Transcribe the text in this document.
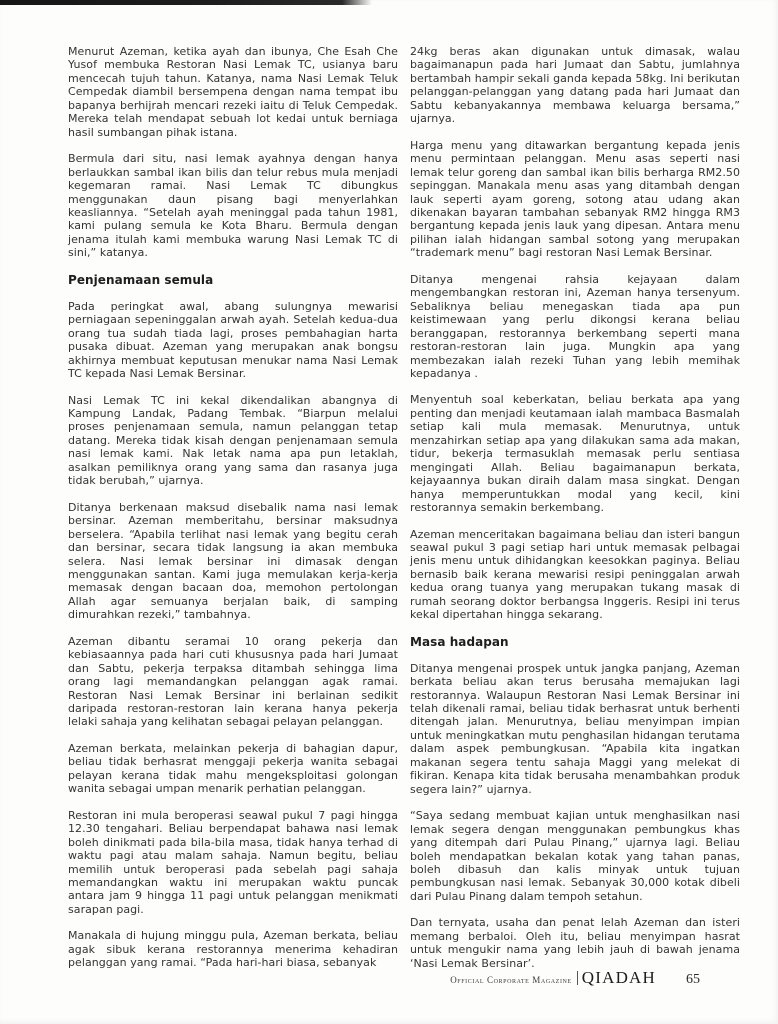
Menurut Azeman, ketika ayah dan ibunya, Che Esah Che Yusof membuka Restoran Nasi Lemak TC, usianya baru mencecah tujuh tahun. Katanya, nama Nasi Lemak Teluk Cempedak diambil bersempena dengan nama tempat ibu bapanya berhijrah mencari rezeki iaitu di Teluk Cempedak. Mereka telah mendapat sebuah lot kedai untuk berniaga hasil sumbangan pihak istana.

Bermula dari situ, nasi lemak ayahnya dengan hanya berlaukkan sambal ikan bilis dan telur rebus mula menjadi kegemaran ramai. Nasi Lemak TC dibungkus menggunakan daun pisang bagi menyerlahkan keasliannya. “Setelah ayah meninggal pada tahun 1981, kami pulang semula ke Kota Bharu. Bermula dengan jenama itulah kami membuka warung Nasi Lemak TC di sini,” katanya.

Penjenamaan semula

Pada peringkat awal, abang sulungnya mewarisi perniagaan sepeninggalan arwah ayah. Setelah kedua-dua orang tua sudah tiada lagi, proses pembahagian harta pusaka dibuat. Azeman yang merupakan anak bongsu akhirnya membuat keputusan menukar nama Nasi Lemak TC kepada Nasi Lemak Bersinar.

Nasi Lemak TC ini kekal dikendalikan abangnya di Kampung Landak, Padang Tembak. “Biarpun melalui proses penjenamaan semula, namun pelanggan tetap datang. Mereka tidak kisah dengan penjenamaan semula nasi lemak kami. Nak letak nama apa pun letaklah, asalkan pemiliknya orang yang sama dan rasanya juga tidak berubah,” ujarnya.

Ditanya berkenaan maksud disebalik nama nasi lemak bersinar. Azeman memberitahu, bersinar maksudnya berselera. “Apabila terlihat nasi lemak yang begitu cerah dan bersinar, secara tidak langsung ia akan membuka selera. Nasi lemak bersinar ini dimasak dengan menggunakan santan. Kami juga memulakan kerja-kerja memasak dengan bacaan doa, memohon pertolongan Allah agar semuanya berjalan baik, di samping dimurahkan rezeki,” tambahnya.

Azeman dibantu seramai 10 orang pekerja dan kebiasaannya pada hari cuti khususnya pada hari Jumaat dan Sabtu, pekerja terpaksa ditambah sehingga lima orang lagi memandangkan pelanggan agak ramai. Restoran Nasi Lemak Bersinar ini berlainan sedikit daripada restoran-restoran lain kerana hanya pekerja lelaki sahaja yang kelihatan sebagai pelayan pelanggan.

Azeman berkata, melainkan pekerja di bahagian dapur, beliau tidak berhasrat menggaji pekerja wanita sebagai pelayan kerana tidak mahu mengeksploitasi golongan wanita sebagai umpan menarik perhatian pelanggan.

Restoran ini mula beroperasi seawal pukul 7 pagi hingga 12.30 tengahari. Beliau berpendapat bahawa nasi lemak boleh dinikmati pada bila-bila masa, tidak hanya terhad di waktu pagi atau malam sahaja. Namun begitu, beliau memilih untuk beroperasi pada sebelah pagi sahaja memandangkan waktu ini merupakan waktu puncak antara jam 9 hingga 11 pagi untuk pelanggan menikmati sarapan pagi.

Manakala di hujung minggu pula, Azeman berkata, beliau agak sibuk kerana restorannya menerima kehadiran pelanggan yang ramai. “Pada hari-hari biasa, sebanyak

24kg beras akan digunakan untuk dimasak, walau bagaimanapun pada hari Jumaat dan Sabtu, jumlahnya bertambah hampir sekali ganda kepada 58kg. Ini berikutan pelanggan-pelanggan yang datang pada hari Jumaat dan Sabtu kebanyakannya membawa keluarga bersama,” ujarnya.

Harga menu yang ditawarkan bergantung kepada jenis menu permintaan pelanggan. Menu asas seperti nasi lemak telur goreng dan sambal ikan bilis berharga RM2.50 sepinggan. Manakala menu asas yang ditambah dengan lauk seperti ayam goreng, sotong atau udang akan dikenakan bayaran tambahan sebanyak RM2 hingga RM3 bergantung kepada jenis lauk yang dipesan. Antara menu pilihan ialah hidangan sambal sotong yang merupakan “trademark menu” bagi restoran Nasi Lemak Bersinar.

Ditanya mengenai rahsia kejayaan dalam mengembangkan restoran ini, Azeman hanya tersenyum. Sebaliknya beliau menegaskan tiada apa pun keistimewaan yang perlu dikongsi kerana beliau beranggapan, restorannya berkembang seperti mana restoran-restoran lain juga. Mungkin apa yang membezakan ialah rezeki Tuhan yang lebih memihak kepadanya .

Menyentuh soal keberkatan, beliau berkata apa yang penting dan menjadi keutamaan ialah mambaca Basmalah setiap kali mula memasak. Menurutnya, untuk menzahirkan setiap apa yang dilakukan sama ada makan, tidur, bekerja termasuklah memasak perlu sentiasa mengingati Allah. Beliau bagaimanapun berkata, kejayaannya bukan diraih dalam masa singkat. Dengan hanya memperuntukkan modal yang kecil, kini restorannya semakin berkembang.

Azeman menceritakan bagaimana beliau dan isteri bangun seawal pukul 3 pagi setiap hari untuk memasak pelbagai jenis menu untuk dihidangkan keesokkan paginya. Beliau bernasib baik kerana mewarisi resipi peninggalan arwah kedua orang tuanya yang merupakan tukang masak di rumah seorang doktor berbangsa Inggeris. Resipi ini terus kekal dipertahan hingga sekarang.

Masa hadapan

Ditanya mengenai prospek untuk jangka panjang, Azeman berkata beliau akan terus berusaha memajukan lagi restorannya. Walaupun Restoran Nasi Lemak Bersinar ini telah dikenali ramai, beliau tidak berhasrat untuk berhenti ditengah jalan. Menurutnya, beliau menyimpan impian untuk meningkatkan mutu penghasilan hidangan terutama dalam aspek pembungkusan. “Apabila kita ingatkan makanan segera tentu sahaja Maggi yang melekat di fikiran. Kenapa kita tidak berusaha menambahkan produk segera lain?” ujarnya.

“Saya sedang membuat kajian untuk menghasilkan nasi lemak segera dengan menggunakan pembungkus khas yang ditempah dari Pulau Pinang,” ujarnya lagi. Beliau boleh mendapatkan bekalan kotak yang tahan panas, boleh dibasuh dan kalis minyak untuk tujuan pembungkusan nasi lemak. Sebanyak 30,000 kotak dibeli dari Pulau Pinang dalam tempoh setahun.

Dan ternyata, usaha dan penat lelah Azeman dan isteri memang berbaloi. Oleh itu, beliau menyimpan hasrat untuk mengukir nama yang lebih jauh di bawah jenama ‘Nasi Lemak Bersinar’.

Official Corporate Magazine QIADAH 65
